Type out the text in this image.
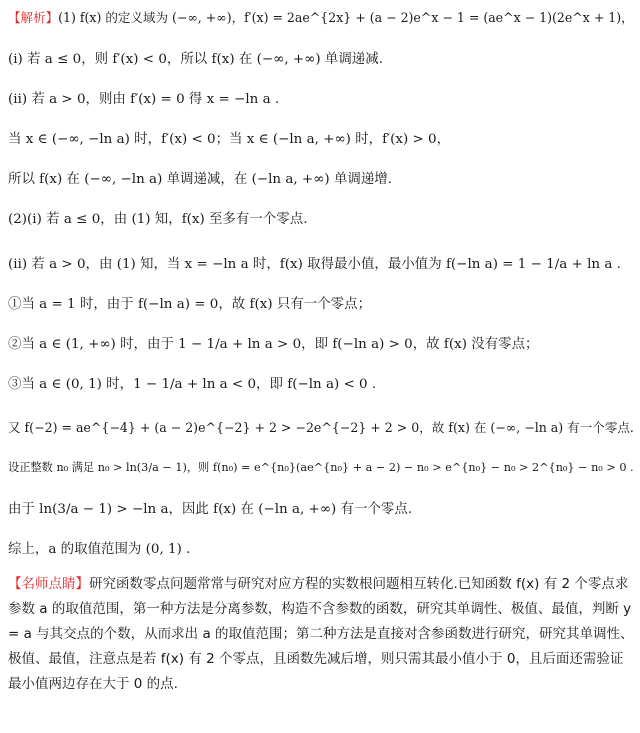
【解析】(1) f(x) 的定义域为 (−∞, +∞)，f′(x) = 2ae^{2x} + (a − 2)e^x − 1 = (ae^x − 1)(2e^x + 1)，
(ⅰ) 若 a ≤ 0，则 f′(x) < 0，所以 f(x) 在 (−∞, +∞) 单调递减.
(ⅱ) 若 a > 0，则由 f′(x) = 0 得 x = −ln a .
当 x ∈ (−∞, −ln a) 时，f′(x) < 0；当 x ∈ (−ln a, +∞) 时，f′(x) > 0，
所以 f(x) 在 (−∞, −ln a) 单调递减，在 (−ln a, +∞) 单调递增.
(2)(ⅰ) 若 a ≤ 0，由 (1) 知，f(x) 至多有一个零点.
(ⅱ) 若 a > 0，由 (1) 知，当 x = −ln a 时，f(x) 取得最小值，最小值为 f(−ln a) = 1 − 1/a + ln a .
①当 a = 1 时，由于 f(−ln a) = 0，故 f(x) 只有一个零点；
②当 a ∈ (1, +∞) 时，由于 1 − 1/a + ln a > 0，即 f(−ln a) > 0，故 f(x) 没有零点；
③当 a ∈ (0, 1) 时，1 − 1/a + ln a < 0，即 f(−ln a) < 0 .
又 f(−2) = ae^{−4} + (a − 2)e^{−2} + 2 > −2e^{−2} + 2 > 0，故 f(x) 在 (−∞, −ln a) 有一个零点.
设正整数 n₀ 满足 n₀ > ln(3/a − 1)，则 f(n₀) = e^{n₀}(ae^{n₀} + a − 2) − n₀ > e^{n₀} − n₀ > 2^{n₀} − n₀ > 0 .
由于 ln(3/a − 1) > −ln a，因此 f(x) 在 (−ln a, +∞) 有一个零点.
综上，a 的取值范围为 (0, 1) .
【名师点睛】研究函数零点问题常常与研究对应方程的实数根问题相互转化.已知函数 f(x) 有 2 个零点求参数 a 的取值范围，第一种方法是分离参数，构造不含参数的函数，研究其单调性、极值、最值，判断 y = a 与其交点的个数，从而求出 a 的取值范围；第二种方法是直接对含参函数进行研究，研究其单调性、极值、最值，注意点是若 f(x) 有 2 个零点，且函数先减后增，则只需其最小值小于 0，且后面还需验证最小值两边存在大于 0 的点.
